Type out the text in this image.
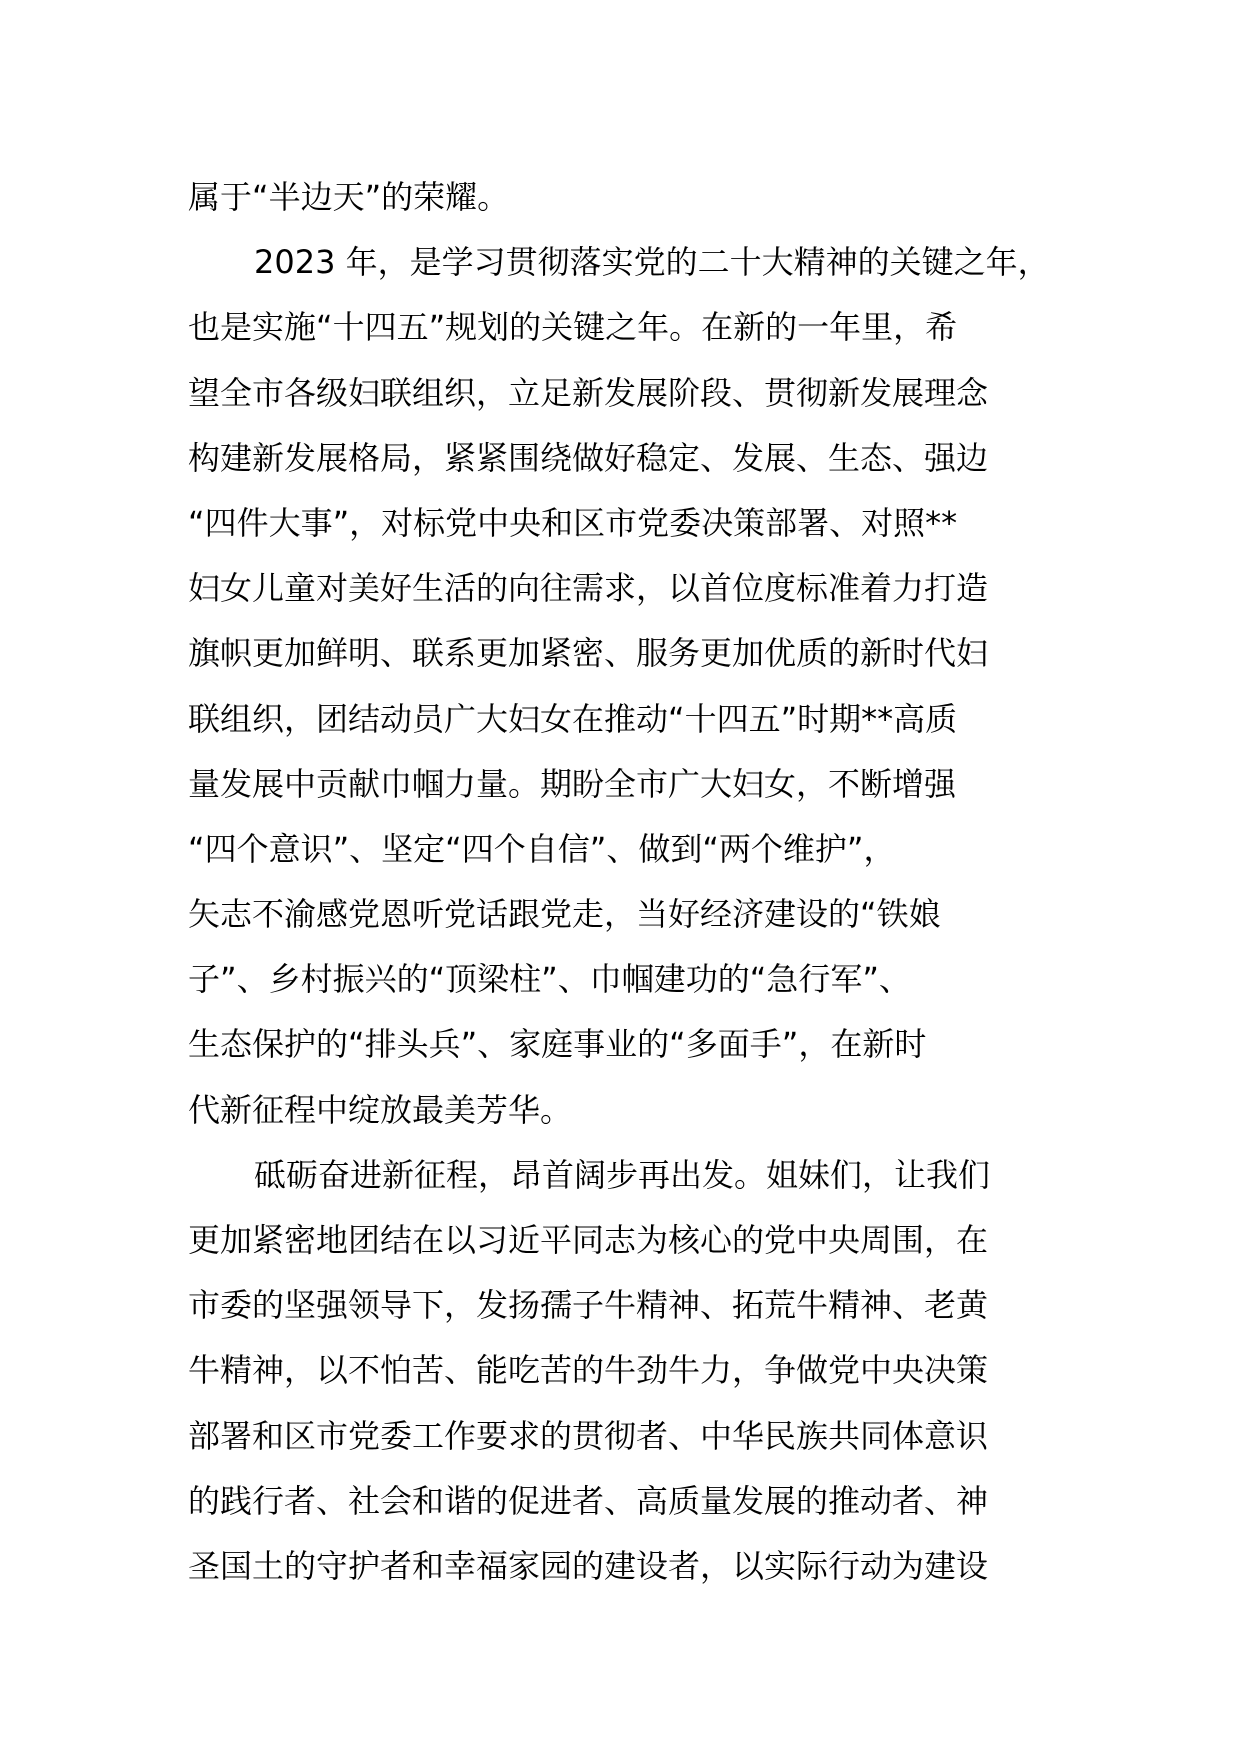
属于“半边天”的荣耀。
2023 年，是学习贯彻落实党的二十大精神的关键之年，
也是实施“十四五”规划的关键之年。在新的一年里，希
望全市各级妇联组织，立足新发展阶段、贯彻新发展理念
构建新发展格局，紧紧围绕做好稳定、发展、生态、强边
“四件大事”，对标党中央和区市党委决策部署、对照**
妇女儿童对美好生活的向往需求，以首位度标准着力打造
旗帜更加鲜明、联系更加紧密、服务更加优质的新时代妇
联组织，团结动员广大妇女在推动“十四五”时期**高质
量发展中贡献巾帼力量。期盼全市广大妇女，不断增强
“四个意识”、坚定“四个自信”、做到“两个维护”，
矢志不渝感党恩听党话跟党走，当好经济建设的“铁娘
子”、乡村振兴的“顶梁柱”、巾帼建功的“急行军”、
生态保护的“排头兵”、家庭事业的“多面手”，在新时
代新征程中绽放最美芳华。
砥砺奋进新征程，昂首阔步再出发。姐妹们，让我们
更加紧密地团结在以习近平同志为核心的党中央周围，在
市委的坚强领导下，发扬孺子牛精神、拓荒牛精神、老黄
牛精神，以不怕苦、能吃苦的牛劲牛力，争做党中央决策
部署和区市党委工作要求的贯彻者、中华民族共同体意识
的践行者、社会和谐的促进者、高质量发展的推动者、神
圣国土的守护者和幸福家园的建设者，以实际行动为建设
